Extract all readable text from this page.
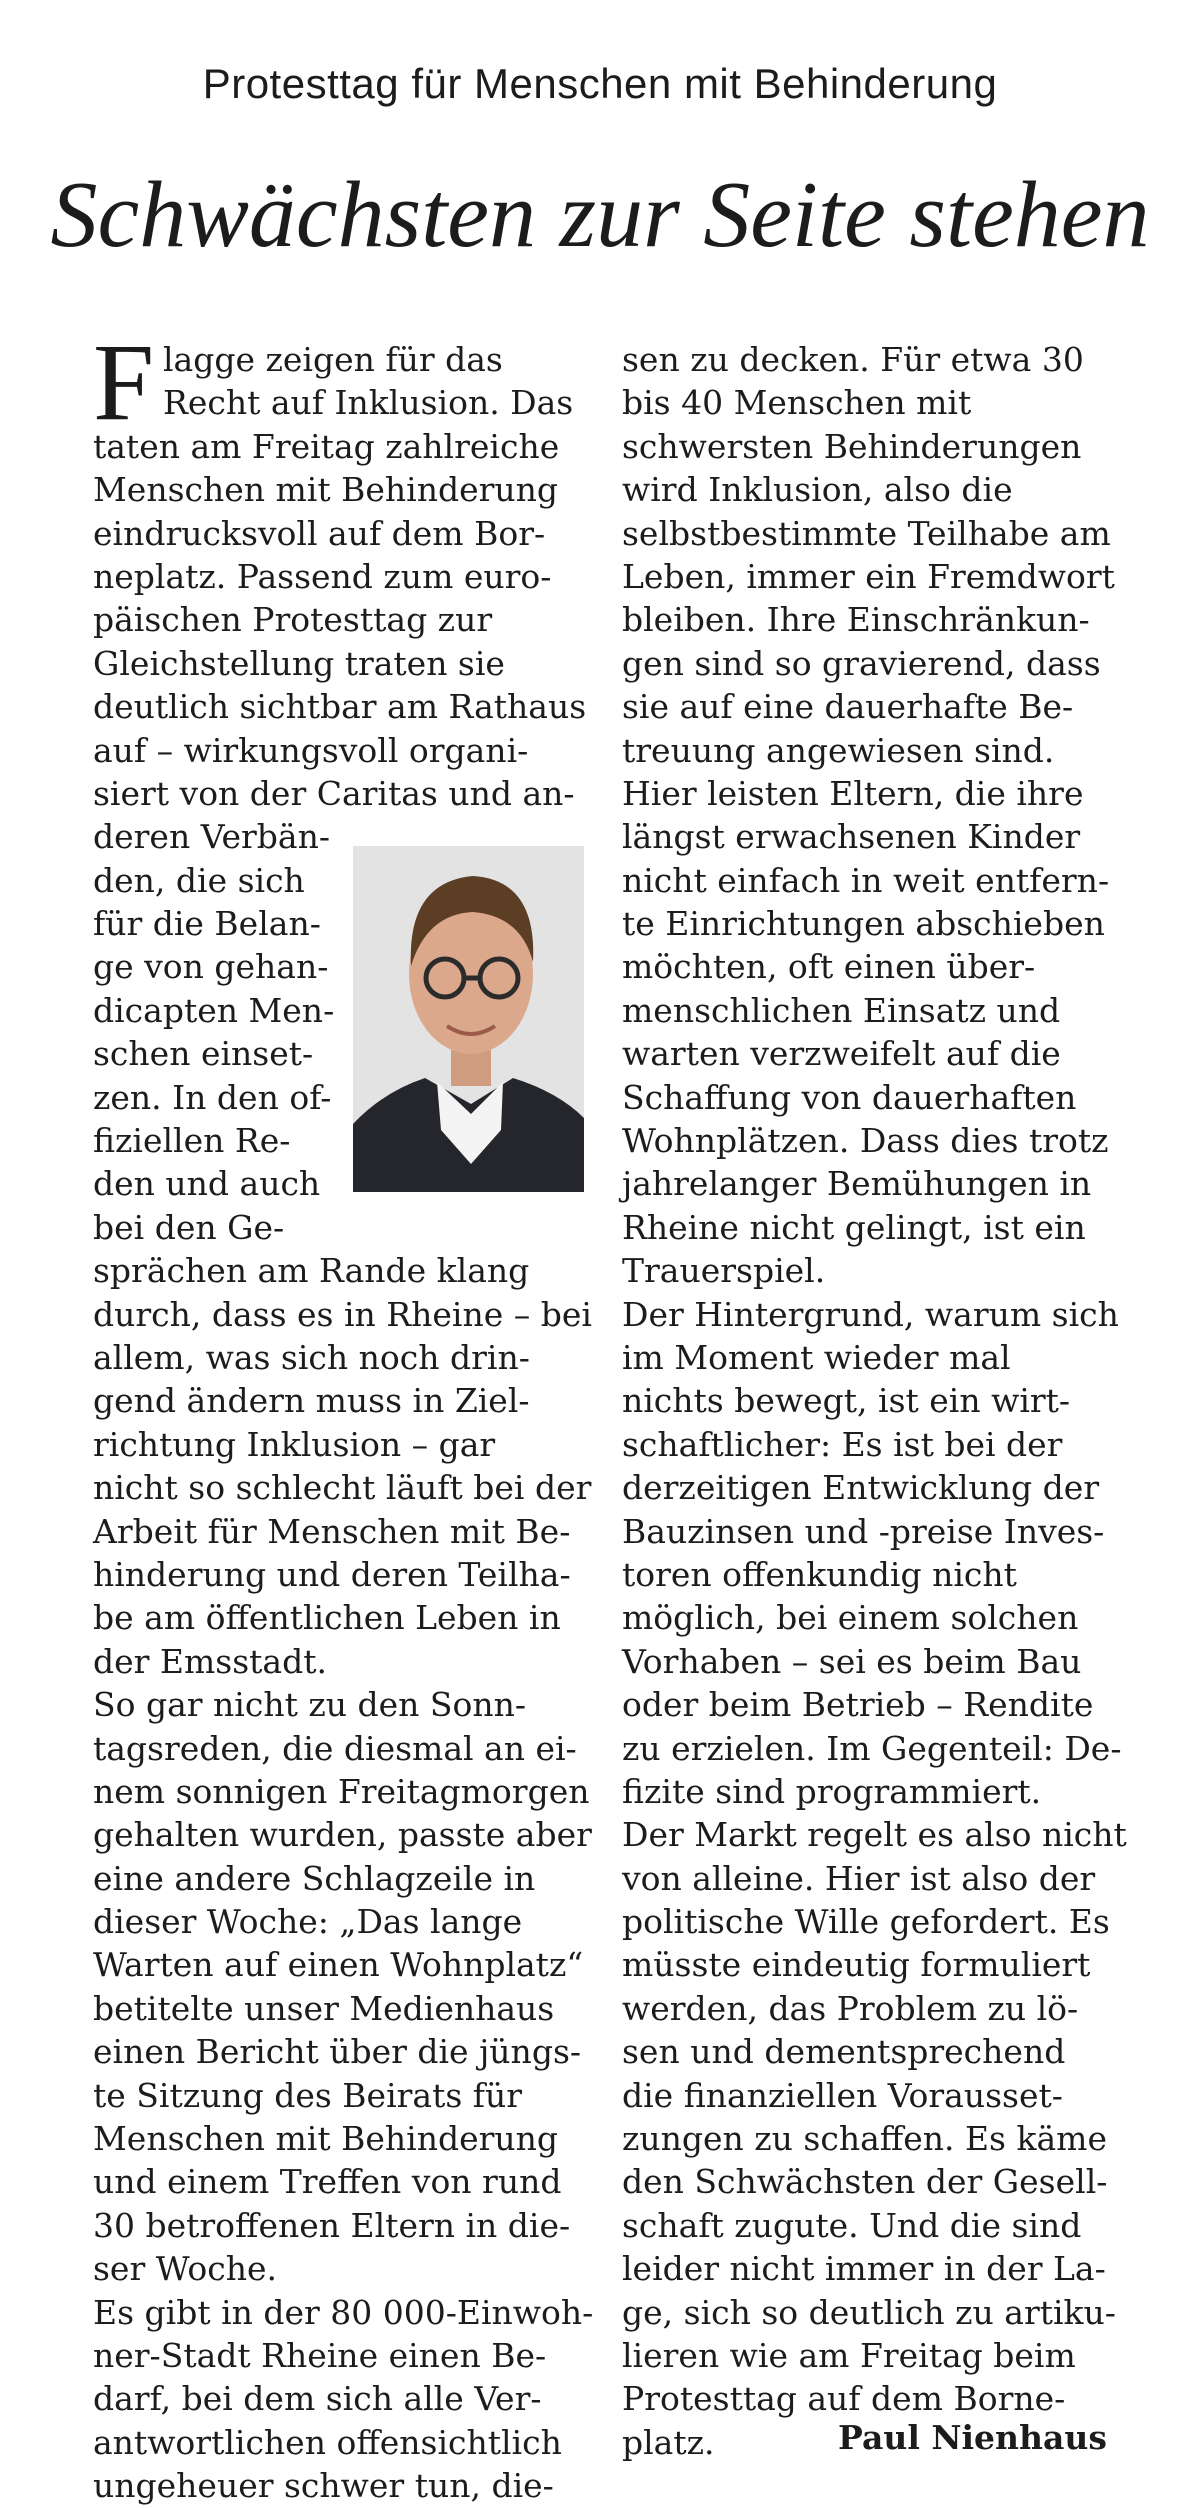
Protesttag für Menschen mit Behinderung
Schwächsten zur Seite stehen
F lagge zeigen für das
Recht auf Inklusion. Das
taten am Freitag zahlreiche
Menschen mit Behinderung
eindrucksvoll auf dem Bor-
neplatz. Passend zum euro-
päischen Protesttag zur
Gleichstellung traten sie
deutlich sichtbar am Rathaus
auf – wirkungsvoll organi-
siert von der Caritas und an-
deren Verbän-
den, die sich
für die Belan-
ge von gehan-
dicapten Men-
schen einset-
zen. In den of-
fiziellen Re-
den und auch
bei den Ge-
sprächen am Rande klang
durch, dass es in Rheine – bei
allem, was sich noch drin-
gend ändern muss in Ziel-
richtung Inklusion – gar
nicht so schlecht läuft bei der
Arbeit für Menschen mit Be-
hinderung und deren Teilha-
be am öffentlichen Leben in
der Emsstadt.
So gar nicht zu den Sonn-
tagsreden, die diesmal an ei-
nem sonnigen Freitagmorgen
gehalten wurden, passte aber
eine andere Schlagzeile in
dieser Woche: „Das lange
Warten auf einen Wohnplatz“
betitelte unser Medienhaus
einen Bericht über die jüngs-
te Sitzung des Beirats für
Menschen mit Behinderung
und einem Treffen von rund
30 betroffenen Eltern in die-
ser Woche.
Es gibt in der 80 000-Einwoh-
ner-Stadt Rheine einen Be-
darf, bei dem sich alle Ver-
antwortlichen offensichtlich
ungeheuer schwer tun, die-
sen zu decken. Für etwa 30
bis 40 Menschen mit
schwersten Behinderungen
wird Inklusion, also die
selbstbestimmte Teilhabe am
Leben, immer ein Fremdwort
bleiben. Ihre Einschränkun-
gen sind so gravierend, dass
sie auf eine dauerhafte Be-
treuung angewiesen sind.
Hier leisten Eltern, die ihre
längst erwachsenen Kinder
nicht einfach in weit entfern-
te Einrichtungen abschieben
möchten, oft einen über-
menschlichen Einsatz und
warten verzweifelt auf die
Schaffung von dauerhaften
Wohnplätzen. Dass dies trotz
jahrelanger Bemühungen in
Rheine nicht gelingt, ist ein
Trauerspiel.
Der Hintergrund, warum sich
im Moment wieder mal
nichts bewegt, ist ein wirt-
schaftlicher: Es ist bei der
derzeitigen Entwicklung der
Bauzinsen und -preise Inves-
toren offenkundig nicht
möglich, bei einem solchen
Vorhaben – sei es beim Bau
oder beim Betrieb – Rendite
zu erzielen. Im Gegenteil: De-
fizite sind programmiert.
Der Markt regelt es also nicht
von alleine. Hier ist also der
politische Wille gefordert. Es
müsste eindeutig formuliert
werden, das Problem zu lö-
sen und dementsprechend
die finanziellen Vorausset-
zungen zu schaffen. Es käme
den Schwächsten der Gesell-
schaft zugute. Und die sind
leider nicht immer in der La-
ge, sich so deutlich zu artiku-
lieren wie am Freitag beim
Protesttag auf dem Borne-
platz.	Paul Nienhaus
